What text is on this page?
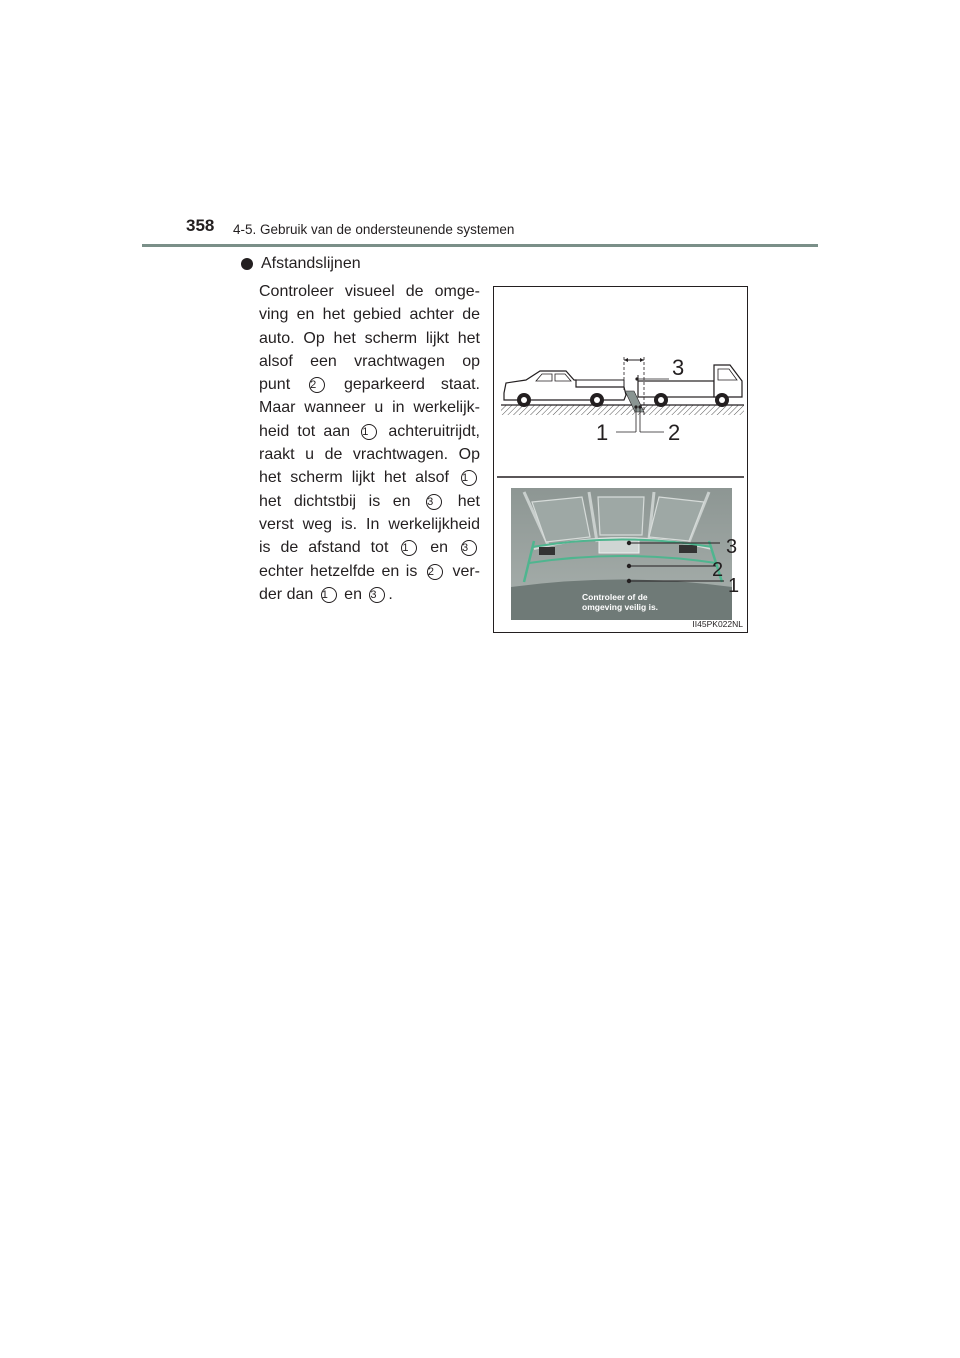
358 4-5. Gebruik van de ondersteunende systemen
Afstandslijnen
Controleer visueel de omge-
ving en het gebied achter de
auto. Op het scherm lijkt het
alsof een vrachtwagen op
punt 2 geparkeerd staat.
Maar wanneer u in werkelijk-
heid tot aan 1 achteruitrijdt,
raakt u de vrachtwagen. Op
het scherm lijkt het alsof 1
het dichtstbij is en 3 het
verst weg is. In werkelijkheid
is de afstand tot 1 en 3
echter hetzelfde en is 2 ver-
der dan 1 en 3 .
3
1	2
3
2
1
II45PK022NL
Controleer of de
omgeving veilig is.
